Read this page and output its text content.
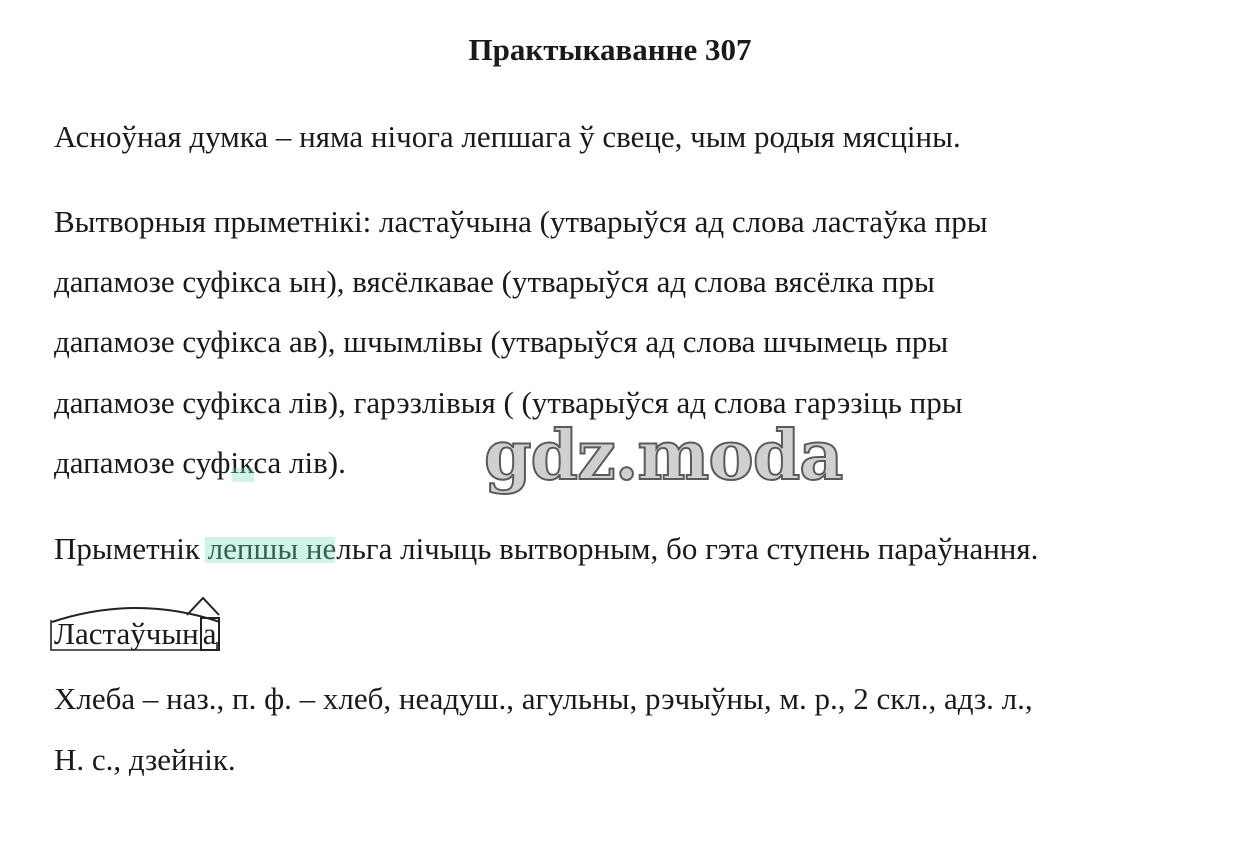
Практыкаванне 307
Асноўная думка – няма нічога лепшага ў свеце, чым родыя мясціны.
Вытворныя прыметнікі: ластаўчына (утварыўся ад слова ластаўка пры
дапамозе суфікса ын), вясёлкавае (утварыўся ад слова вясёлка пры
дапамозе суфікса ав), шчымлівы (утварыўся ад слова шчымець пры
дапамозе суфікса лів), гарэзлівыя ( (утварыўся ад слова гарэзіць пры
дапамозе суфікса лів).
Прыметнік лепшы нельга лічыць вытворным, бо гэта ступень параўнання.
Ластаўчын а
Хлеба – наз., п. ф. – хлеб, неадуш., агульны, рэчыўны, м. р., 2 скл., адз. л.,
Н. с., дзейнік.
gdz.moda
